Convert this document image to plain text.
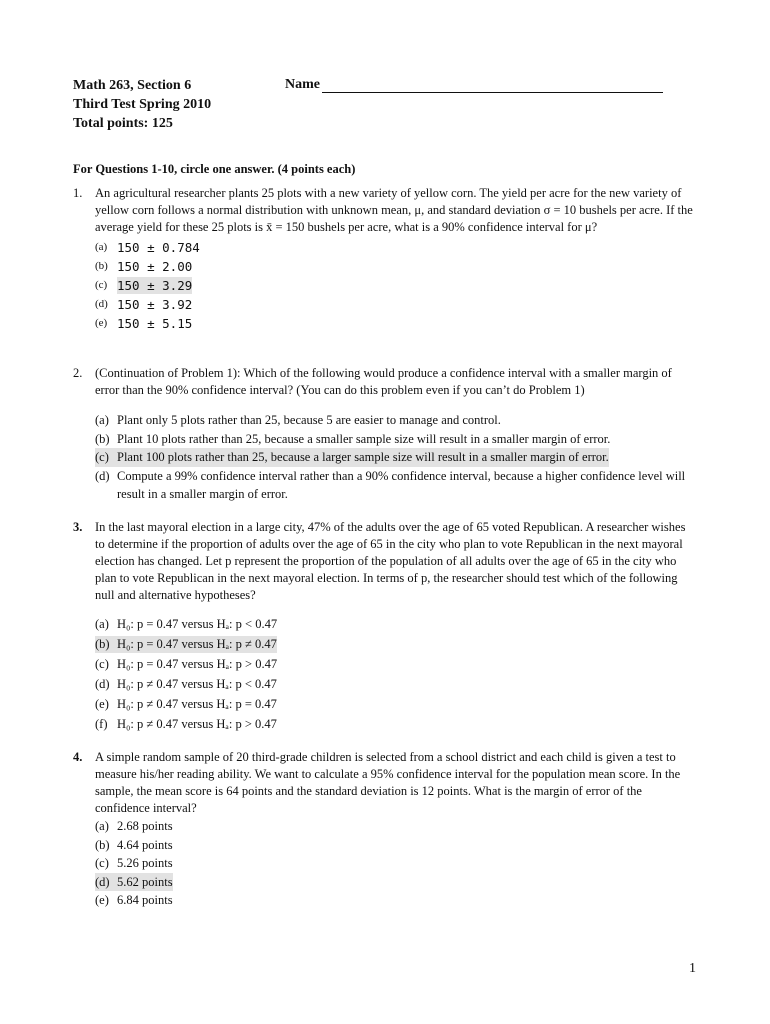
Math 263, Section 6
Third Test Spring 2010
Total points: 125
Name
For Questions 1-10, circle one answer. (4 points each)
1. An agricultural researcher plants 25 plots with a new variety of yellow corn. The yield per acre for the new variety of yellow corn follows a normal distribution with unknown mean, μ, and standard deviation σ = 10 bushels per acre. If the average yield for these 25 plots is x̄ = 150 bushels per acre, what is a 90% confidence interval for μ?
(a) 150 ± 0.784
(b) 150 ± 2.00
(c) 150 ± 3.29
(d) 150 ± 3.92
(e) 150 ± 5.15
2. (Continuation of Problem 1): Which of the following would produce a confidence interval with a smaller margin of error than the 90% confidence interval? (You can do this problem even if you can’t do Problem 1)
(a) Plant only 5 plots rather than 25, because 5 are easier to manage and control.
(b) Plant 10 plots rather than 25, because a smaller sample size will result in a smaller margin of error.
(c) Plant 100 plots rather than 25, because a larger sample size will result in a smaller margin of error.
(d) Compute a 99% confidence interval rather than a 90% confidence interval, because a higher confidence level will result in a smaller margin of error.
3. In the last mayoral election in a large city, 47% of the adults over the age of 65 voted Republican. A researcher wishes to determine if the proportion of adults over the age of 65 in the city who plan to vote Republican in the next mayoral election has changed. Let p represent the proportion of the population of all adults over the age of 65 in the city who plan to vote Republican in the next mayoral election. In terms of p, the researcher should test which of the following null and alternative hypotheses?
(a) H₀: p = 0.47 versus Hₐ: p < 0.47
(b) H₀: p = 0.47 versus Hₐ: p ≠ 0.47
(c) H₀: p = 0.47 versus Hₐ: p > 0.47
(d) H₀: p ≠ 0.47 versus Hₐ: p < 0.47
(e) H₀: p ≠ 0.47 versus Hₐ: p = 0.47
(f) H₀: p ≠ 0.47 versus Hₐ: p > 0.47
4. A simple random sample of 20 third-grade children is selected from a school district and each child is given a test to measure his/her reading ability. We want to calculate a 95% confidence interval for the population mean score. In the sample, the mean score is 64 points and the standard deviation is 12 points. What is the margin of error of the confidence interval?
(a) 2.68 points
(b) 4.64 points
(c) 5.26 points
(d) 5.62 points
(e) 6.84 points
1
